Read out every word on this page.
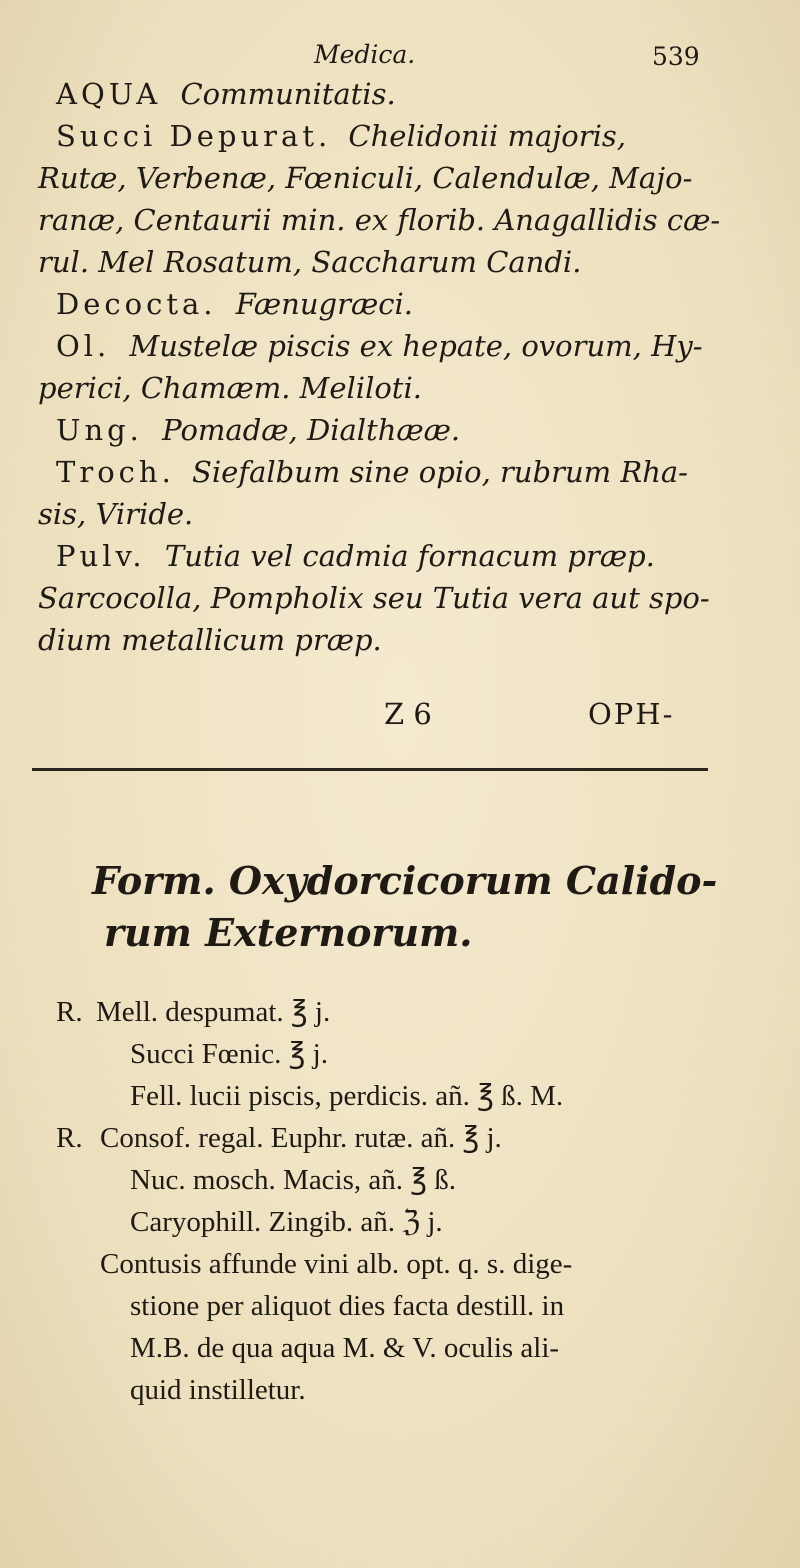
Medica.	539
AQUA Communitatis.
Succi Depurat. Chelidonii majoris,
Rutæ, Verbenæ, Fœniculi, Calendulæ, Majo-
ranæ, Centaurii min. ex florib. Anagallidis cæ-
rul. Mel Rosatum, Saccharum Candi.
Decocta. Fænugræci.
Ol. Mustelæ piscis ex hepate, ovorum, Hy-
perici, Chamæm. Meliloti.
Ung. Pomadæ, Dialthææ.
Troch. Siefalbum sine opio, rubrum Rha-
sis, Viride.
Pulv. Tutia vel cadmia fornacum præp.
Sarcocolla, Pompholix seu Tutia vera aut spo-
dium metallicum præp.
Z 6	OPH-
Form. Oxydorcicorum Calido-
rum Externorum.
R. Mell. despumat. ℥ j.
Succi Fœnic. ℥ j.
Fell. lucii piscis, perdicis. añ. ℥ ß. M.
R. Consof. regal. Euphr. rutæ. añ. ℥ j.
Nuc. mosch. Macis, añ. ℥ ß.
Caryophill. Zingib. añ. ℨ j.
Contusis affunde vini alb. opt. q. s. dige-
stione per aliquot dies facta destill. in
M.B. de qua aqua M. & V. oculis ali-
quid instilletur.
